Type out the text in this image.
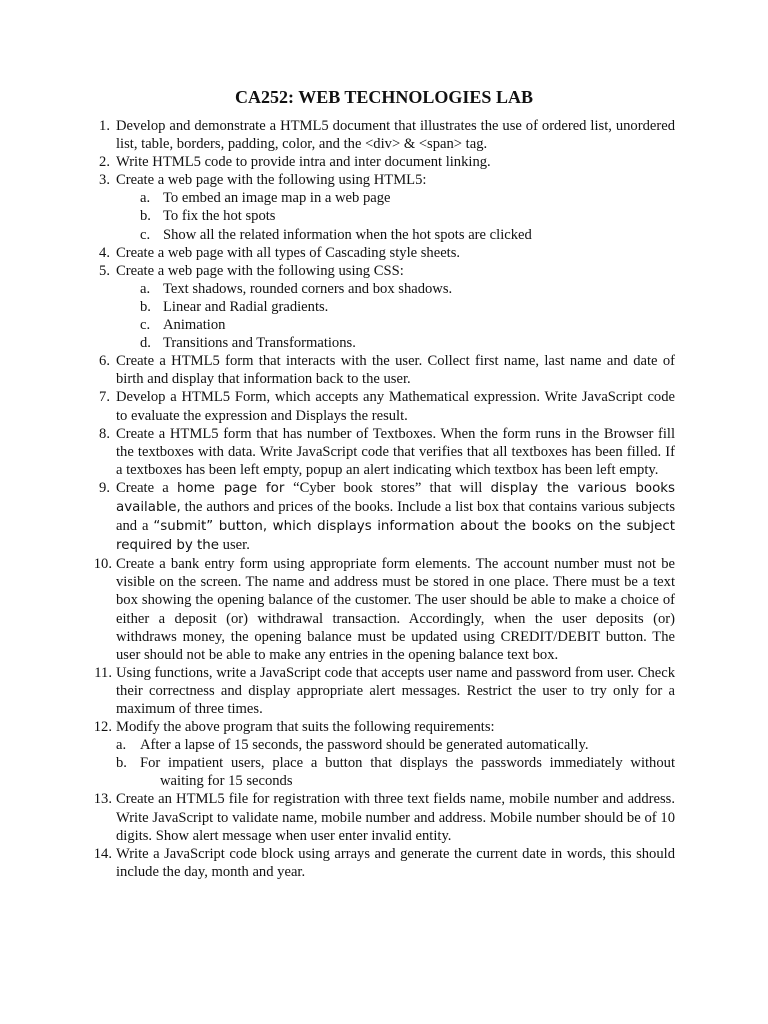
CA252: WEB TECHNOLOGIES LAB
1. Develop and demonstrate a HTML5 document that illustrates the use of ordered list, unordered list, table, borders, padding, color, and the <div> & <span> tag.
2. Write HTML5 code to provide intra and inter document linking.
3. Create a web page with the following using HTML5:
a. To embed an image map in a web page
b. To fix the hot spots
c. Show all the related information when the hot spots are clicked
4. Create a web page with all types of Cascading style sheets.
5. Create a web page with the following using CSS:
a. Text shadows, rounded corners and box shadows.
b. Linear and Radial gradients.
c. Animation
d. Transitions and Transformations.
6. Create a HTML5 form that interacts with the user. Collect first name, last name and date of birth and display that information back to the user.
7. Develop a HTML5 Form, which accepts any Mathematical expression. Write JavaScript code to evaluate the expression and Displays the result.
8. Create a HTML5 form that has number of Textboxes. When the form runs in the Browser fill the textboxes with data. Write JavaScript code that verifies that all textboxes has been filled. If a textboxes has been left empty, popup an alert indicating which textbox has been left empty.
9. Create a home page for “Cyber book stores” that will display the various books available, the authors and prices of the books. Include a list box that contains various subjects and a “submit” button, which displays information about the books on the subject required by the user.
10. Create a bank entry form using appropriate form elements. The account number must not be visible on the screen. The name and address must be stored in one place. There must be a text box showing the opening balance of the customer. The user should be able to make a choice of either a deposit (or) withdrawal transaction. Accordingly, when the user deposits (or) withdraws money, the opening balance must be updated using CREDIT/DEBIT button. The user should not be able to make any entries in the opening balance text box.
11. Using functions, write a JavaScript code that accepts user name and password from user. Check their correctness and display appropriate alert messages. Restrict the user to try only for a maximum of three times.
12. Modify the above program that suits the following requirements:
a. After a lapse of 15 seconds, the password should be generated automatically.
b. For impatient users, place a button that displays the passwords immediately without waiting for 15 seconds
13. Create an HTML5 file for registration with three text fields name, mobile number and address. Write JavaScript to validate name, mobile number and address. Mobile number should be of 10 digits. Show alert message when user enter invalid entity.
14. Write a JavaScript code block using arrays and generate the current date in words, this should include the day, month and year.
